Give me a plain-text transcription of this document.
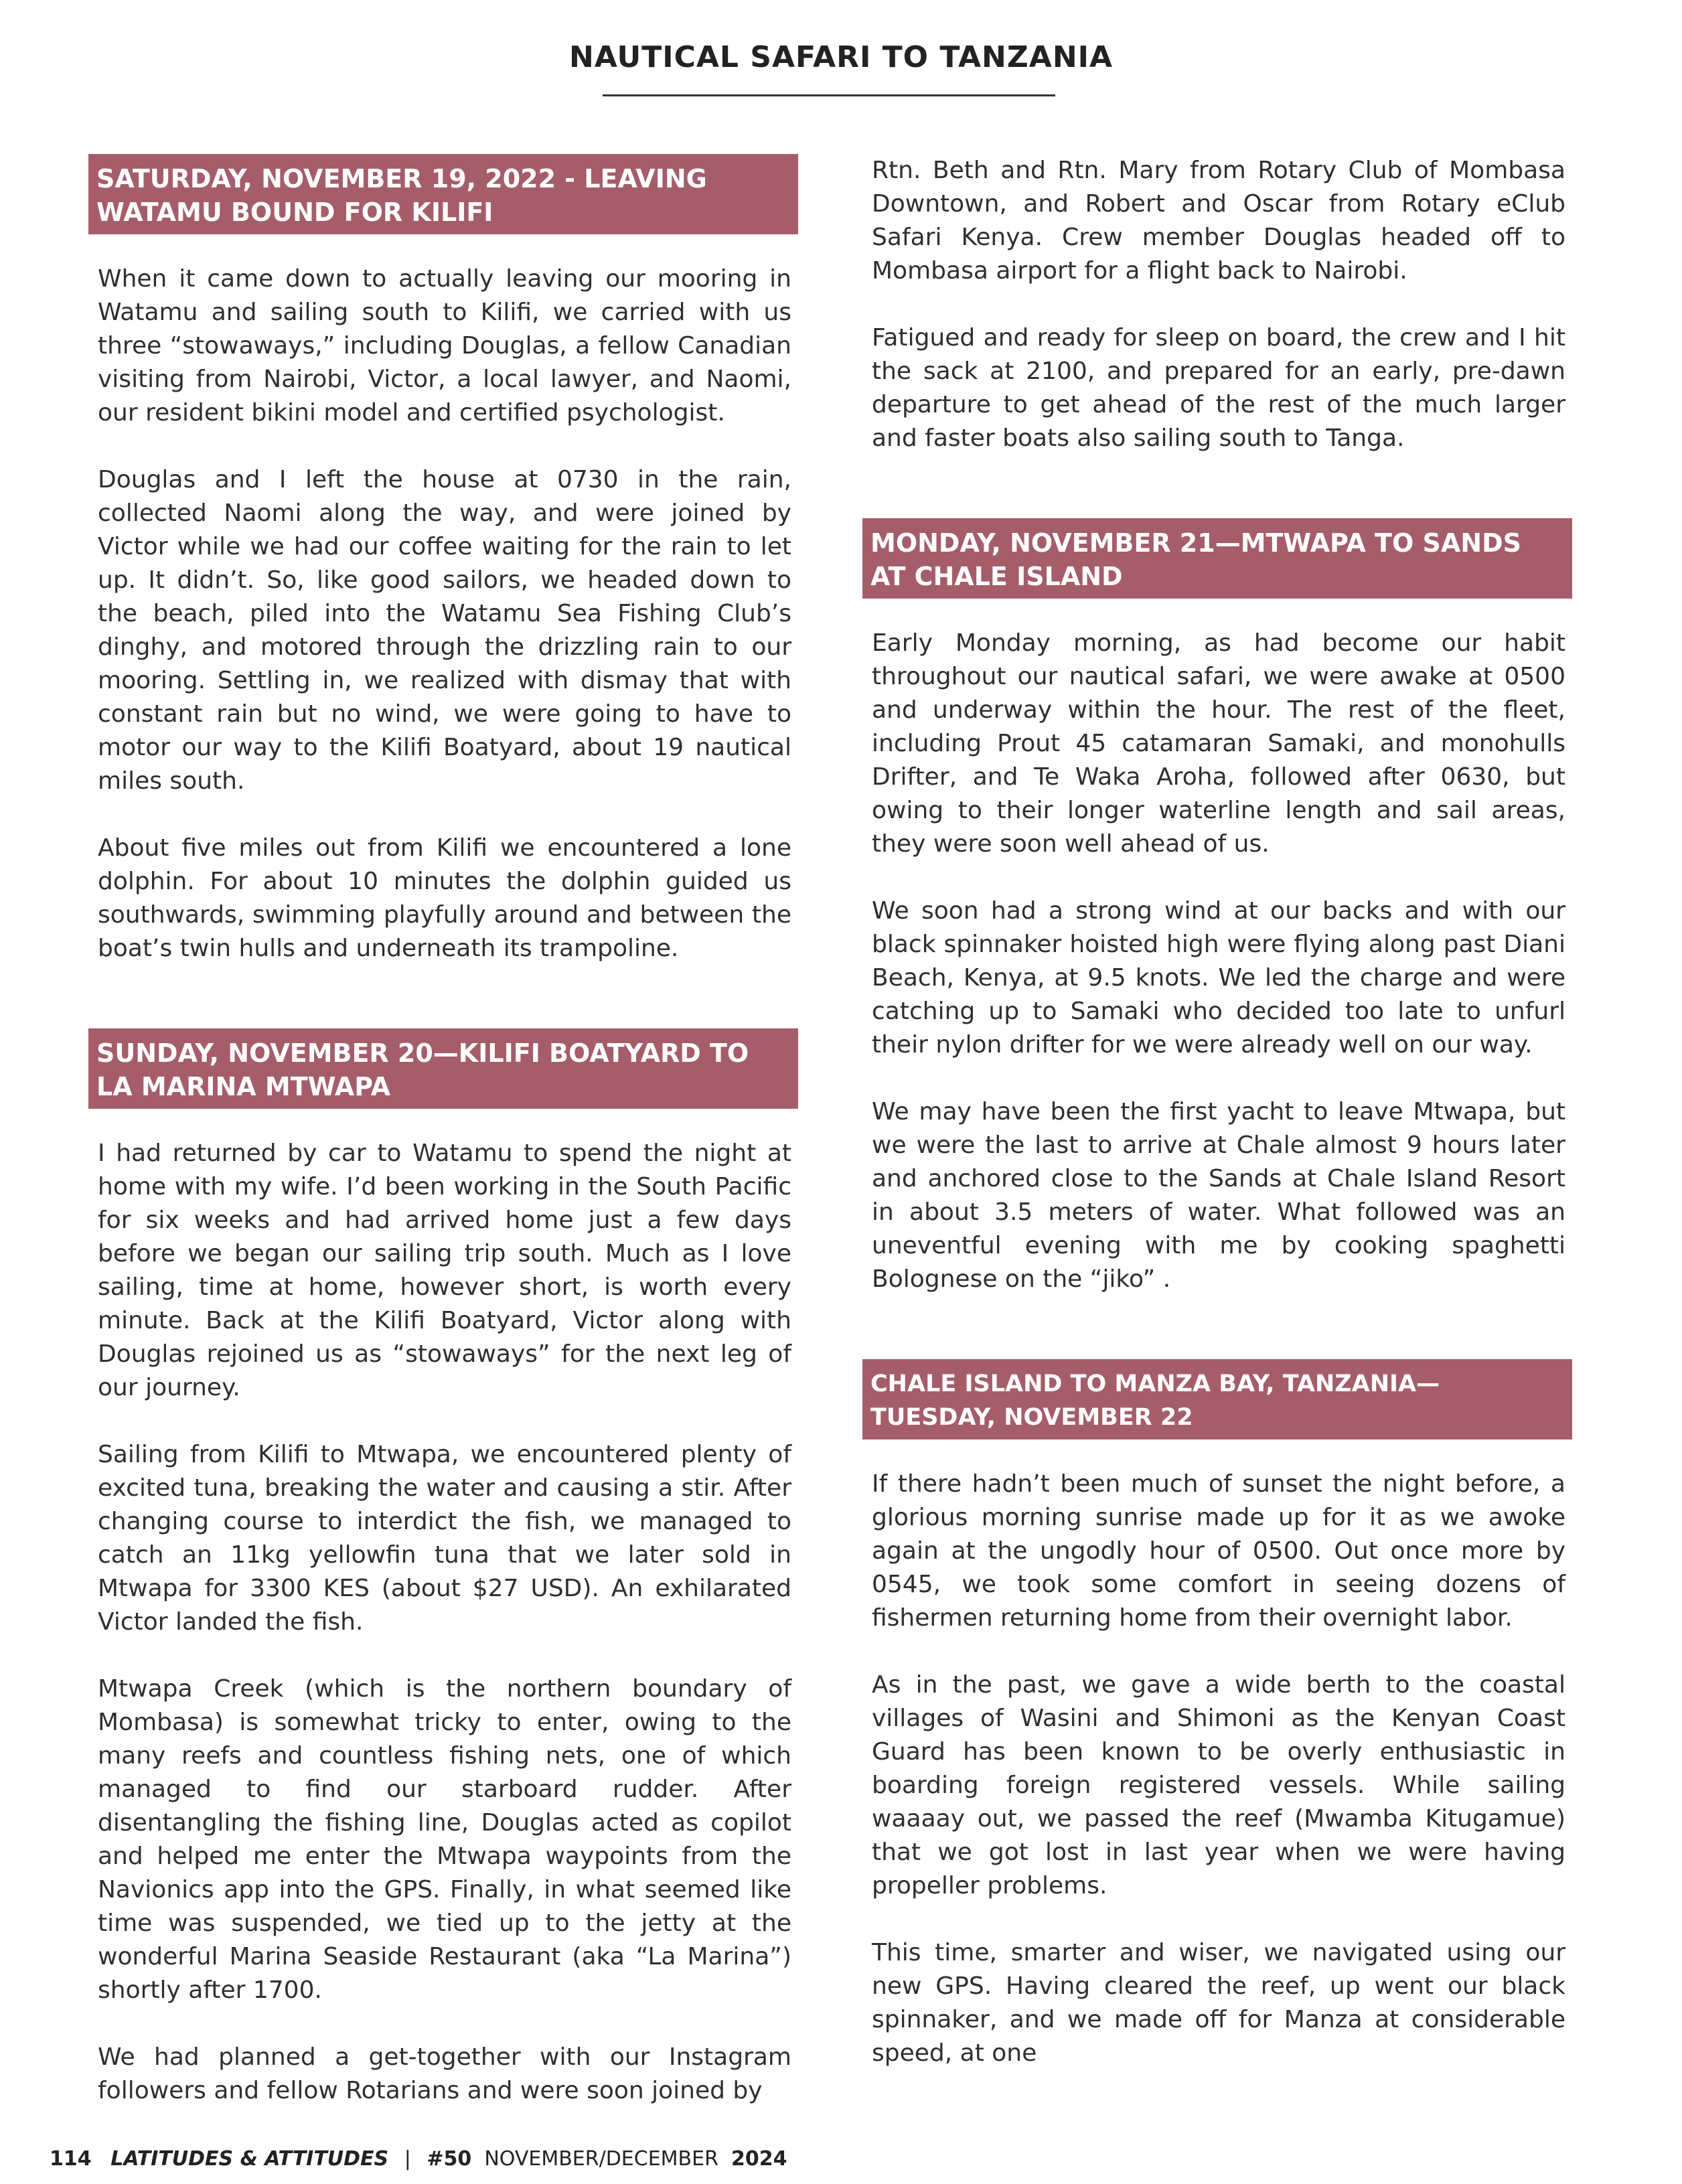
NAUTICAL SAFARI TO TANZANIA
SATURDAY, NOVEMBER 19, 2022 - LEAVING WATAMU BOUND FOR KILIFI

When it came down to actually leaving our mooring in Watamu and sailing south to Kilifi, we carried with us three “stowaways,” including Douglas, a fellow Canadian visiting from Nairobi, Victor, a local lawyer, and Naomi, our resident bikini model and certified psychologist.

Douglas and I left the house at 0730 in the rain, collected Naomi along the way, and were joined by Victor while we had our coffee waiting for the rain to let up. It didn’t. So, like good sailors, we headed down to the beach, piled into the Watamu Sea Fishing Club’s dinghy, and motored through the drizzling rain to our mooring. Settling in, we realized with dismay that with constant rain but no wind, we were going to have to motor our way to the Kilifi Boatyard, about 19 nautical miles south.

About five miles out from Kilifi we encountered a lone dolphin. For about 10 minutes the dolphin guided us southwards, swimming playfully around and between the boat’s twin hulls and underneath its trampoline.

SUNDAY, NOVEMBER 20—KILIFI BOATYARD TO LA MARINA MTWAPA

I had returned by car to Watamu to spend the night at home with my wife. I’d been working in the South Pacific for six weeks and had arrived home just a few days before we began our sailing trip south. Much as I love sailing, time at home, however short, is worth every minute. Back at the Kilifi Boatyard, Victor along with Douglas rejoined us as “stowaways” for the next leg of our journey.

Sailing from Kilifi to Mtwapa, we encountered plenty of excited tuna, breaking the water and causing a stir. After changing course to interdict the fish, we managed to catch an 11kg yellowfin tuna that we later sold in Mtwapa for 3300 KES (about $27 USD). An exhilarated Victor landed the fish.

Mtwapa Creek (which is the northern boundary of Mombasa) is somewhat tricky to enter, owing to the many reefs and countless fishing nets, one of which managed to find our starboard rudder. After disentangling the fishing line, Douglas acted as copilot and helped me enter the Mtwapa waypoints from the Navionics app into the GPS. Finally, in what seemed like time was suspended, we tied up to the jetty at the wonderful Marina Seaside Restaurant (aka “La Marina”) shortly after 1700.

We had planned a get-together with our Instagram followers and fellow Rotarians and were soon joined by

Rtn. Beth and Rtn. Mary from Rotary Club of Mombasa Downtown, and Robert and Oscar from Rotary eClub Safari Kenya. Crew member Douglas headed off to Mombasa airport for a flight back to Nairobi.

Fatigued and ready for sleep on board, the crew and I hit the sack at 2100, and prepared for an early, pre-dawn departure to get ahead of the rest of the much larger and faster boats also sailing south to Tanga.

MONDAY, NOVEMBER 21—MTWAPA TO SANDS AT CHALE ISLAND

Early Monday morning, as had become our habit throughout our nautical safari, we were awake at 0500 and underway within the hour. The rest of the fleet, including Prout 45 catamaran Samaki, and monohulls Drifter, and Te Waka Aroha, followed after 0630, but owing to their longer waterline length and sail areas, they were soon well ahead of us.

We soon had a strong wind at our backs and with our black spinnaker hoisted high were flying along past Diani Beach, Kenya, at 9.5 knots. We led the charge and were catching up to Samaki who decided too late to unfurl their nylon drifter for we were already well on our way.

We may have been the first yacht to leave Mtwapa, but we were the last to arrive at Chale almost 9 hours later and anchored close to the Sands at Chale Island Resort in about 3.5 meters of water. What followed was an uneventful evening with me by cooking spaghetti Bolognese on the “jiko” .

CHALE ISLAND TO MANZA BAY, TANZANIA—TUESDAY, NOVEMBER 22

If there hadn’t been much of sunset the night before, a glorious morning sunrise made up for it as we awoke again at the ungodly hour of 0500. Out once more by 0545, we took some comfort in seeing dozens of fishermen returning home from their overnight labor.

As in the past, we gave a wide berth to the coastal villages of Wasini and Shimoni as the Kenyan Coast Guard has been known to be overly enthusiastic in boarding foreign registered vessels. While sailing waaaay out, we passed the reef (Mwamba Kitugamue) that we got lost in last year when we were having propeller problems.

This time, smarter and wiser, we navigated using our new GPS. Having cleared the reef, up went our black spinnaker, and we made off for Manza at considerable speed, at one

114 LATITUDES & ATTITUDES | #50 NOVEMBER/DECEMBER 2024
